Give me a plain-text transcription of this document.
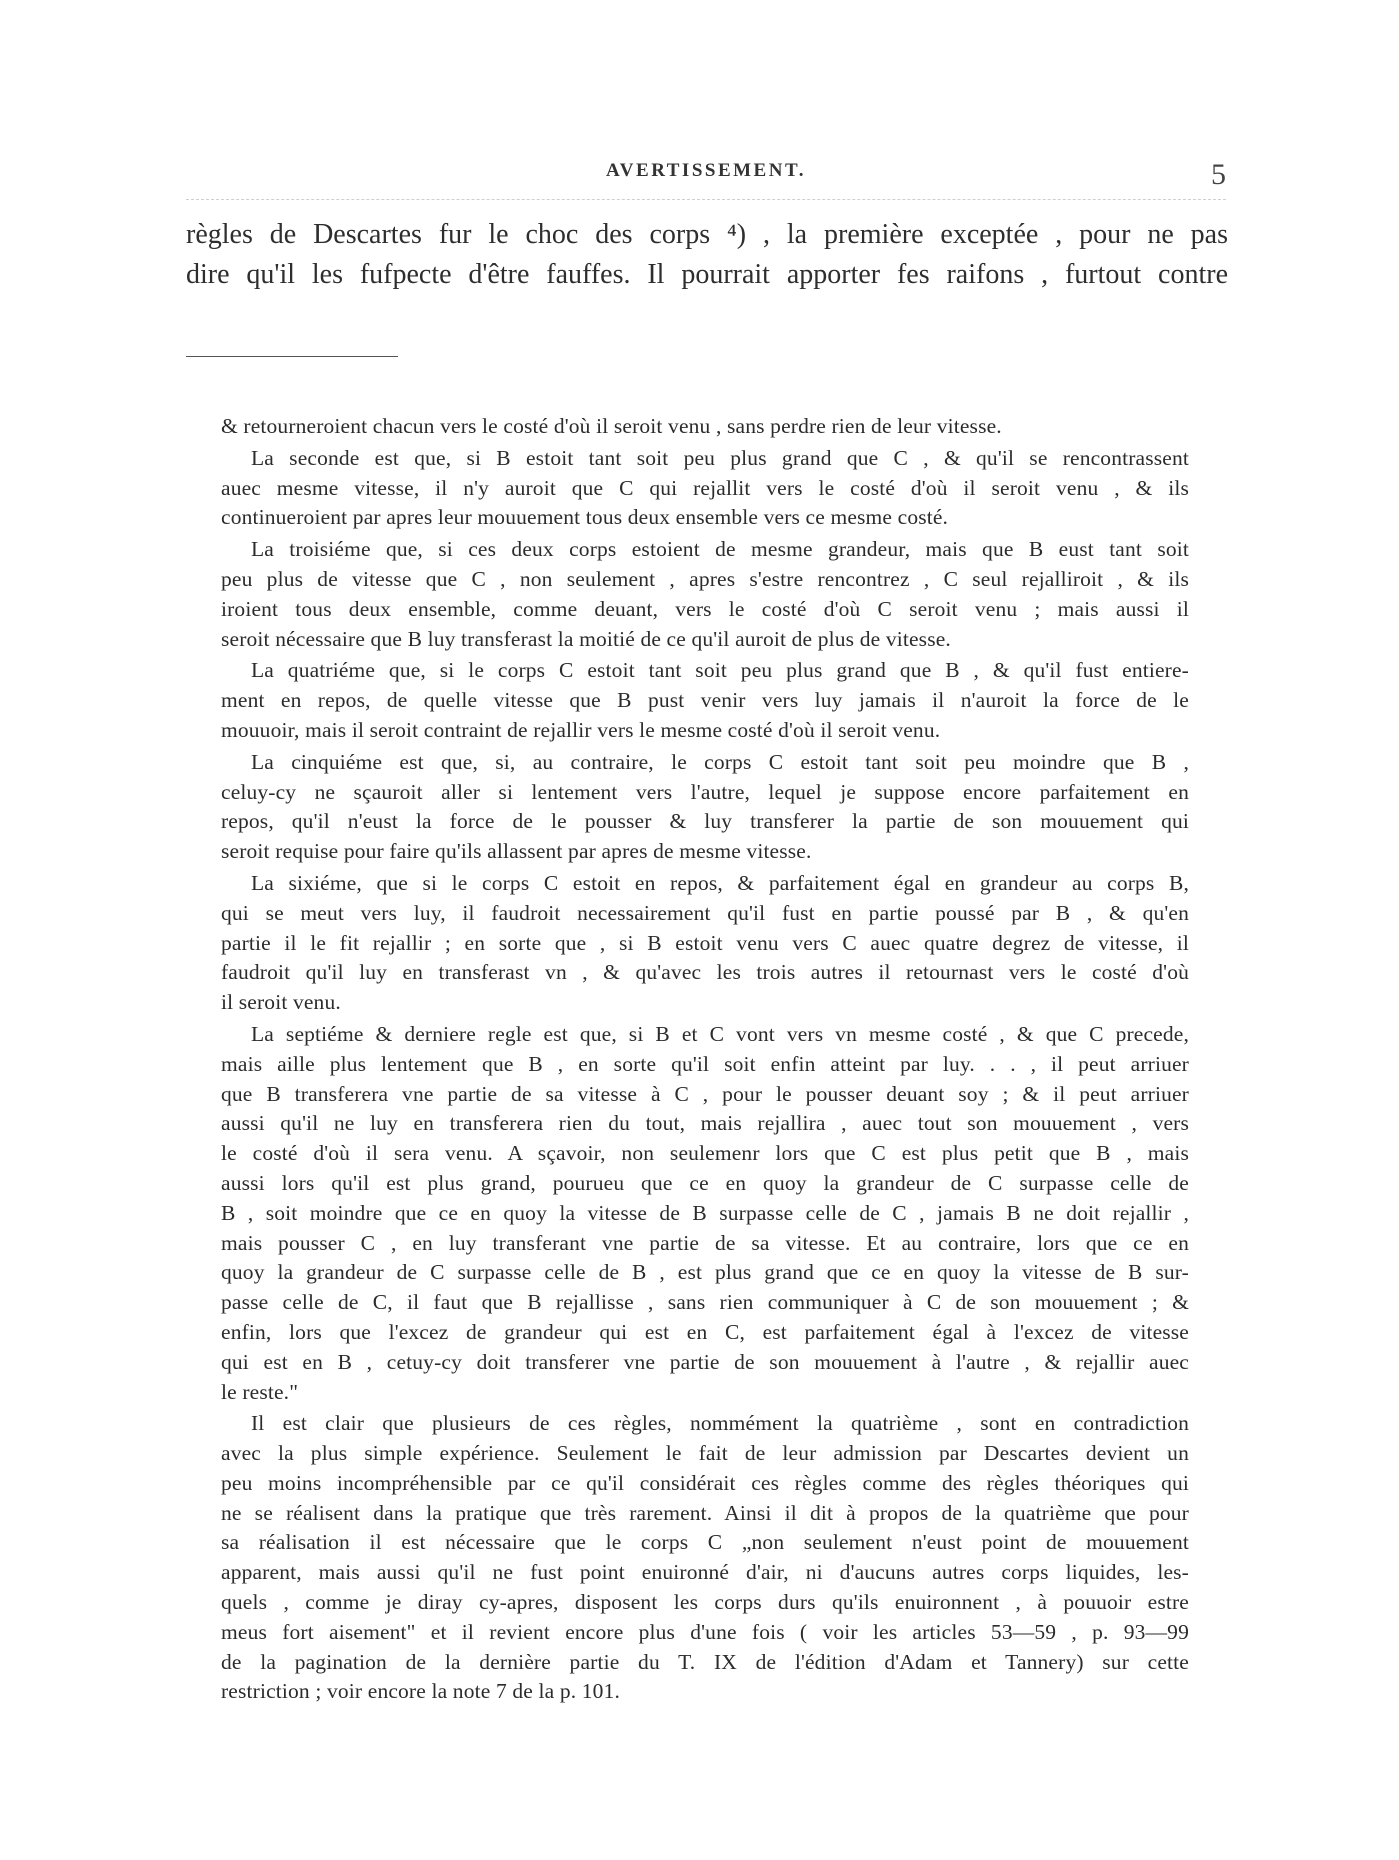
AVERTISSEMENT.	5
règles de Descartes fur le choc des corps ⁴) , la première exceptée , pour ne pas
dire qu'il les fufpecte d'être fauffes. Il pourrait apporter fes raifons , furtout contre
& retourneroient chacun vers le costé d'où il seroit venu , sans perdre rien de leur vitesse.
La seconde est que, si B estoit tant soit peu plus grand que C , & qu'il se rencontrassent
auec mesme vitesse, il n'y auroit que C qui rejallit vers le costé d'où il seroit venu , & ils
continueroient par apres leur mouuement tous deux ensemble vers ce mesme costé.
La troisiéme que, si ces deux corps estoient de mesme grandeur, mais que B eust tant soit
peu plus de vitesse que C , non seulement , apres s'estre rencontrez , C seul rejalliroit , & ils
iroient tous deux ensemble, comme deuant, vers le costé d'où C seroit venu ; mais aussi il
seroit nécessaire que B luy transferast la moitié de ce qu'il auroit de plus de vitesse.
La quatriéme que, si le corps C estoit tant soit peu plus grand que B , & qu'il fust entiere-
ment en repos, de quelle vitesse que B pust venir vers luy jamais il n'auroit la force de le
mouuoir, mais il seroit contraint de rejallir vers le mesme costé d'où il seroit venu.
La cinquiéme est que, si, au contraire, le corps C estoit tant soit peu moindre que B ,
celuy-cy ne sçauroit aller si lentement vers l'autre, lequel je suppose encore parfaitement en
repos, qu'il n'eust la force de le pousser & luy transferer la partie de son mouuement qui
seroit requise pour faire qu'ils allassent par apres de mesme vitesse.
La sixiéme, que si le corps C estoit en repos, & parfaitement égal en grandeur au corps B,
qui se meut vers luy, il faudroit necessairement qu'il fust en partie poussé par B , & qu'en
partie il le fit rejallir ; en sorte que , si B estoit venu vers C auec quatre degrez de vitesse, il
faudroit qu'il luy en transferast vn , & qu'avec les trois autres il retournast vers le costé d'où
il seroit venu.
La septiéme & derniere regle est que, si B et C vont vers vn mesme costé , & que C precede,
mais aille plus lentement que B , en sorte qu'il soit enfin atteint par luy. . . , il peut arriuer
que B transferera vne partie de sa vitesse à C , pour le pousser deuant soy ; & il peut arriuer
aussi qu'il ne luy en transferera rien du tout, mais rejallira , auec tout son mouuement , vers
le costé d'où il sera venu. A sçavoir, non seulemenr lors que C est plus petit que B , mais
aussi lors qu'il est plus grand, pourueu que ce en quoy la grandeur de C surpasse celle de
B , soit moindre que ce en quoy la vitesse de B surpasse celle de C , jamais B ne doit rejallir ,
mais pousser C , en luy transferant vne partie de sa vitesse. Et au contraire, lors que ce en
quoy la grandeur de C surpasse celle de B , est plus grand que ce en quoy la vitesse de B sur-
passe celle de C, il faut que B rejallisse , sans rien communiquer à C de son mouuement ; &
enfin, lors que l'excez de grandeur qui est en C, est parfaitement égal à l'excez de vitesse
qui est en B , cetuy-cy doit transferer vne partie de son mouuement à l'autre , & rejallir auec
le reste."
Il est clair que plusieurs de ces règles, nommément la quatrième , sont en contradiction
avec la plus simple expérience. Seulement le fait de leur admission par Descartes devient un
peu moins incompréhensible par ce qu'il considérait ces règles comme des règles théoriques qui
ne se réalisent dans la pratique que très rarement. Ainsi il dit à propos de la quatrième que pour
sa réalisation il est nécessaire que le corps C „non seulement n'eust point de mouuement
apparent, mais aussi qu'il ne fust point enuironné d'air, ni d'aucuns autres corps liquides, les-
quels , comme je diray cy-apres, disposent les corps durs qu'ils enuironnent , à pouuoir estre
meus fort aisement" et il revient encore plus d'une fois ( voir les articles 53—59 , p. 93—99
de la pagination de la dernière partie du T. IX de l'édition d'Adam et Tannery) sur cette
restriction ; voir encore la note 7 de la p. 101.
